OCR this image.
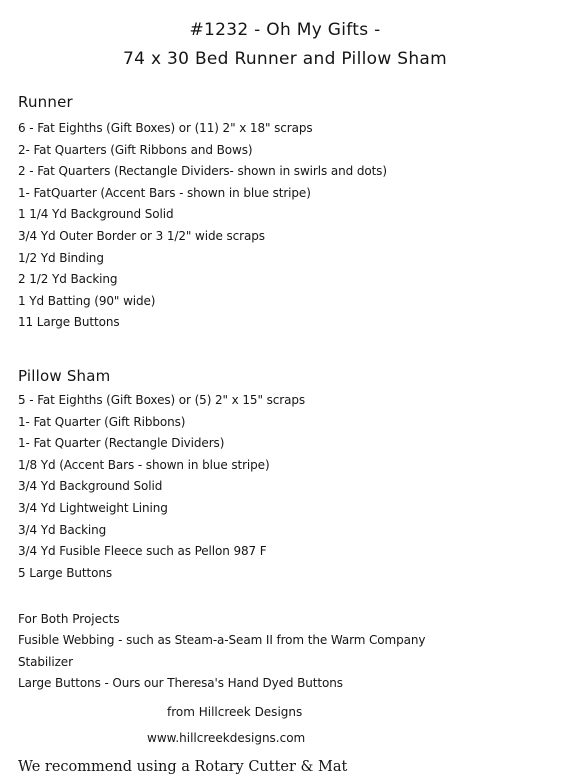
#1232 - Oh My Gifts -
74 x 30 Bed Runner and Pillow Sham
Runner
6 - Fat Eighths (Gift Boxes) or (11) 2" x 18" scraps
2- Fat Quarters (Gift Ribbons and Bows)
2 - Fat Quarters (Rectangle Dividers- shown in swirls and dots)
1- FatQuarter (Accent Bars - shown in blue stripe)
1 1/4 Yd Background Solid
3/4 Yd Outer Border or 3 1/2" wide scraps
1/2 Yd Binding
2 1/2 Yd Backing
1 Yd Batting (90" wide)
11 Large Buttons
Pillow Sham
5 - Fat Eighths (Gift Boxes) or (5) 2" x 15" scraps
1- Fat Quarter (Gift Ribbons)
1- Fat Quarter (Rectangle Dividers)
1/8 Yd (Accent Bars - shown in blue stripe)
3/4 Yd Background Solid
3/4 Yd Lightweight Lining
3/4 Yd Backing
3/4 Yd Fusible Fleece such as Pellon 987 F
5 Large Buttons
For Both Projects
Fusible Webbing - such as Steam-a-Seam II from the Warm Company
Stabilizer
Large Buttons - Ours our Theresa's Hand Dyed Buttons
from Hillcreek Designs
www.hillcreekdesigns.com
We recommend using a Rotary Cutter & Mat
